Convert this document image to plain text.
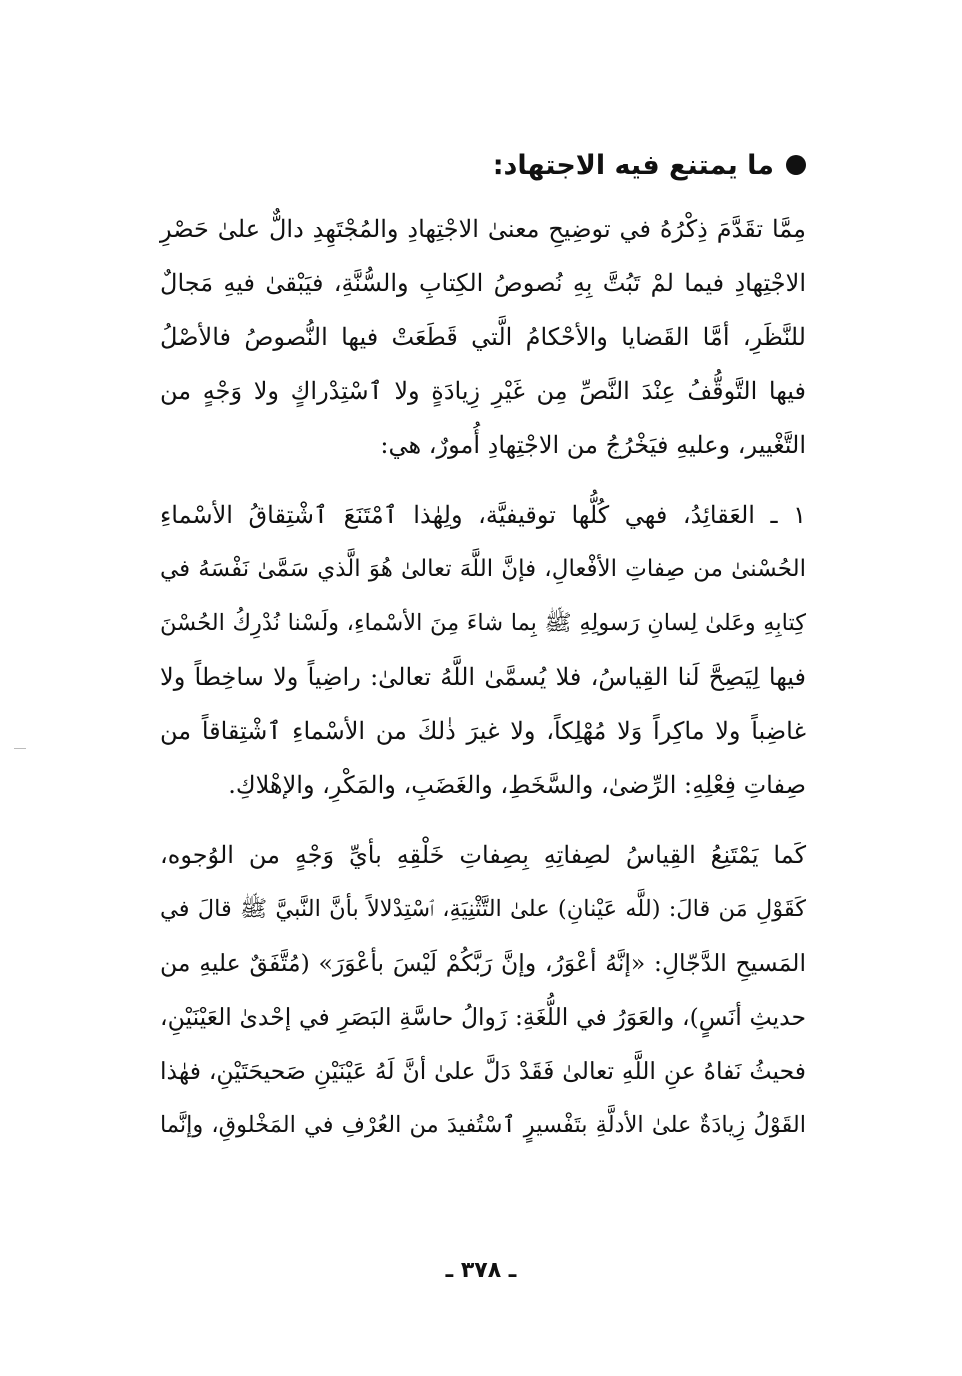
ما يمتنع فيه الاجتهاد:
مِمَّا تقَدَّمَ ذِكْرُهُ في توضِيحِ معنىٰ الاجْتِهادِ والمُجْتَهِدِ دالٌّ علىٰ حَصْرِ
الاجْتِهادِ فيما لمْ تَبُتَّ بِهِ نُصوصُ الكِتابِ والسُّنَّةِ، فيَبْقىٰ فيهِ مَجالٌ
للنَّظَرِ، أمَّا القَضايا والأحْكامُ الَّتي قَطَعَتْ فيها النُّصوصُ فالأصْلُ
فيها التَّوقُّفُ عِنْدَ النَّصِّ مِن غَيْرِ زِيادَةٍ ولا ٱسْتِدْراكٍ ولا وَجْهٍ من
التَّغْيير، وعليهِ فيَخْرُجُ من الاجْتِهادِ أُمورٌ، هي:
١ ـ العَقائِدُ، فهي كُلُّها توقيفيَّة، ولِهٰذا ٱمْتَنَعَ ٱشْتِقاقُ الأسْماءِ
الحُسْنىٰ من صِفاتِ الأفْعالِ، فإنَّ اللَّهَ تعالىٰ هُوَ الَّذي سَمَّىٰ نَفْسَهُ في
كِتابِهِ وعَلىٰ لِسانِ رَسولِهِ ﷺ بِما شاءَ مِنَ الأسْماءِ، ولَسْنا نُدْرِكُ الحُسْنَ
فيها لِيَصِحَّ لَنا القِياسُ، فلا يُسمَّىٰ اللَّهُ تعالىٰ: راضِياً ولا ساخِطاً ولا
غاضِباً ولا ماكِراً وَلا مُهْلِكاً، ولا غيرَ ذٰلكَ من الأسْماءِ ٱشْتِقاقاً من
صِفاتِ فِعْلِهِ: الرِّضىٰ، والسَّخَطِ، والغَضَبِ، والمَكْرِ، والإهْلاكِ.
كَما يَمْتَنِعُ القِياسُ لصِفاتِهِ بِصِفاتِ خَلْقِهِ بأيِّ وَجْهٍ من الوُجوه،
كَقَوْلِ مَن قالَ: (للَّه عَيْنانِ) علىٰ التَّثْنِيَةِ، ٱسْتِدْلالاً بأنَّ النَّبيَّ ﷺ قالَ في
المَسيحِ الدَّجّالِ: «إنَّهُ أعْوَرُ، وإنَّ رَبَّكُمْ لَيْسَ بأعْوَرَ» (مُتَّفَقٌ عليهِ من
حديثِ أنَسٍ)، والعَوَرُ في اللُّغَةِ: زَوالُ حاسَّةِ البَصَرِ في إحْدىٰ العَيْنَيْنِ،
فحيثُ نَفاهُ عنِ اللَّهِ تعالىٰ فَقَدْ دَلَّ علىٰ أنَّ لَهُ عَيْنَيْنِ صَحيحَتَيْنِ، فهٰذا
القَوْلُ زِيادَةٌ علىٰ الأدلَّةِ بتَفْسيرٍ ٱسْتُفيدَ من العُرْفِ في المَخْلوقِ، وإنَّما
ـ ٣٧٨ ـ
